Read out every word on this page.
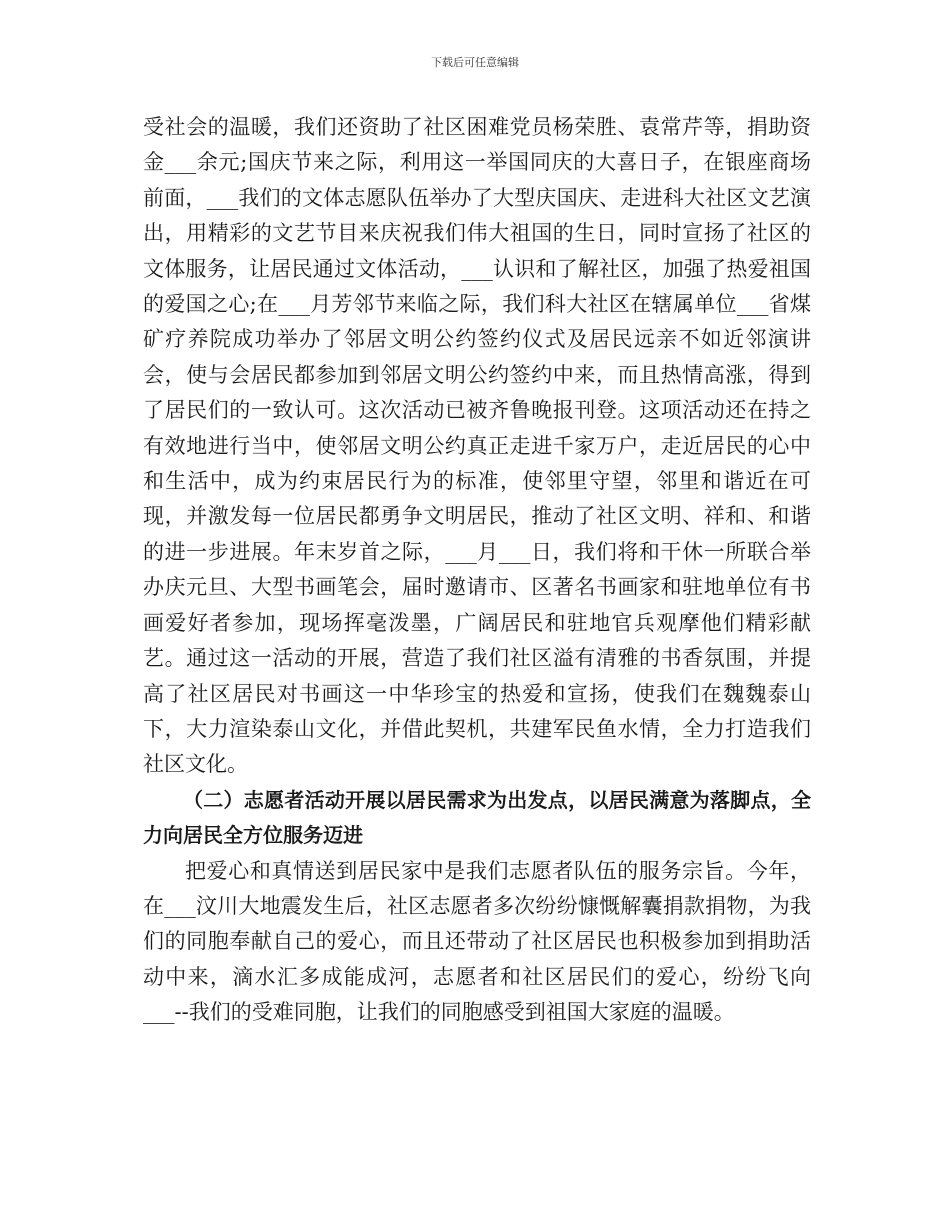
下载后可任意编辑

受社会的温暖，我们还资助了社区困难党员杨荣胜、袁常芹等，捐助资金___余元;国庆节来之际，利用这一举国同庆的大喜日子，在银座商场前面，___我们的文体志愿队伍举办了大型庆国庆、走进科大社区文艺演出，用精彩的文艺节目来庆祝我们伟大祖国的生日，同时宣扬了社区的文体服务，让居民通过文体活动，___认识和了解社区，加强了热爱祖国的爱国之心;在___月芳邻节来临之际，我们科大社区在辖属单位___省煤矿疗养院成功举办了邻居文明公约签约仪式及居民远亲不如近邻演讲会，使与会居民都参加到邻居文明公约签约中来，而且热情高涨，得到了居民们的一致认可。这次活动已被齐鲁晚报刊登。这项活动还在持之有效地进行当中，使邻居文明公约真正走进千家万户，走近居民的心中和生活中，成为约束居民行为的标准，使邻里守望，邻里和谐近在可现，并激发每一位居民都勇争文明居民，推动了社区文明、祥和、和谐的进一步进展。年末岁首之际，___月___日，我们将和干休一所联合举办庆元旦、大型书画笔会，届时邀请市、区著名书画家和驻地单位有书画爱好者参加，现场挥毫泼墨，广阔居民和驻地官兵观摩他们精彩献艺。通过这一活动的开展，营造了我们社区溢有清雅的书香氛围，并提高了社区居民对书画这一中华珍宝的热爱和宣扬，使我们在魏魏泰山下，大力渲染泰山文化，并借此契机，共建军民鱼水情，全力打造我们社区文化。

（二）志愿者活动开展以居民需求为出发点，以居民满意为落脚点，全力向居民全方位服务迈进

把爱心和真情送到居民家中是我们志愿者队伍的服务宗旨。今年，在___汶川大地震发生后，社区志愿者多次纷纷慷慨解囊捐款捐物，为我们的同胞奉献自己的爱心，而且还带动了社区居民也积极参加到捐助活动中来，滴水汇多成能成河，志愿者和社区居民们的爱心，纷纷飞向___--我们的受难同胞，让我们的同胞感受到祖国大家庭的温暖。
